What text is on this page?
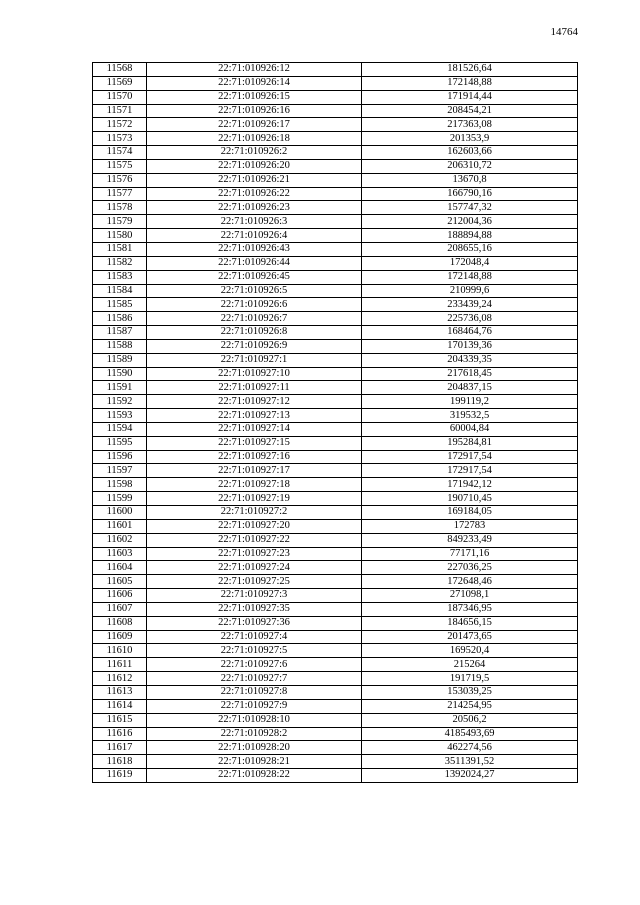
14764
11568	22:71:010926:12	181526,64
11569	22:71:010926:14	172148,88
11570	22:71:010926:15	171914,44
11571	22:71:010926:16	208454,21
11572	22:71:010926:17	217363,08
11573	22:71:010926:18	201353,9
11574	22:71:010926:2	162603,66
11575	22:71:010926:20	206310,72
11576	22:71:010926:21	13670,8
11577	22:71:010926:22	166790,16
11578	22:71:010926:23	157747,32
11579	22:71:010926:3	212004,36
11580	22:71:010926:4	188894,88
11581	22:71:010926:43	208655,16
11582	22:71:010926:44	172048,4
11583	22:71:010926:45	172148,88
11584	22:71:010926:5	210999,6
11585	22:71:010926:6	233439,24
11586	22:71:010926:7	225736,08
11587	22:71:010926:8	168464,76
11588	22:71:010926:9	170139,36
11589	22:71:010927:1	204339,35
11590	22:71:010927:10	217618,45
11591	22:71:010927:11	204837,15
11592	22:71:010927:12	199119,2
11593	22:71:010927:13	319532,5
11594	22:71:010927:14	60004,84
11595	22:71:010927:15	195284,81
11596	22:71:010927:16	172917,54
11597	22:71:010927:17	172917,54
11598	22:71:010927:18	171942,12
11599	22:71:010927:19	190710,45
11600	22:71:010927:2	169184,05
11601	22:71:010927:20	172783
11602	22:71:010927:22	849233,49
11603	22:71:010927:23	77171,16
11604	22:71:010927:24	227036,25
11605	22:71:010927:25	172648,46
11606	22:71:010927:3	271098,1
11607	22:71:010927:35	187346,95
11608	22:71:010927:36	184656,15
11609	22:71:010927:4	201473,65
11610	22:71:010927:5	169520,4
11611	22:71:010927:6	215264
11612	22:71:010927:7	191719,5
11613	22:71:010927:8	153039,25
11614	22:71:010927:9	214254,95
11615	22:71:010928:10	20506,2
11616	22:71:010928:2	4185493,69
11617	22:71:010928:20	462274,56
11618	22:71:010928:21	3511391,52
11619	22:71:010928:22	1392024,27
